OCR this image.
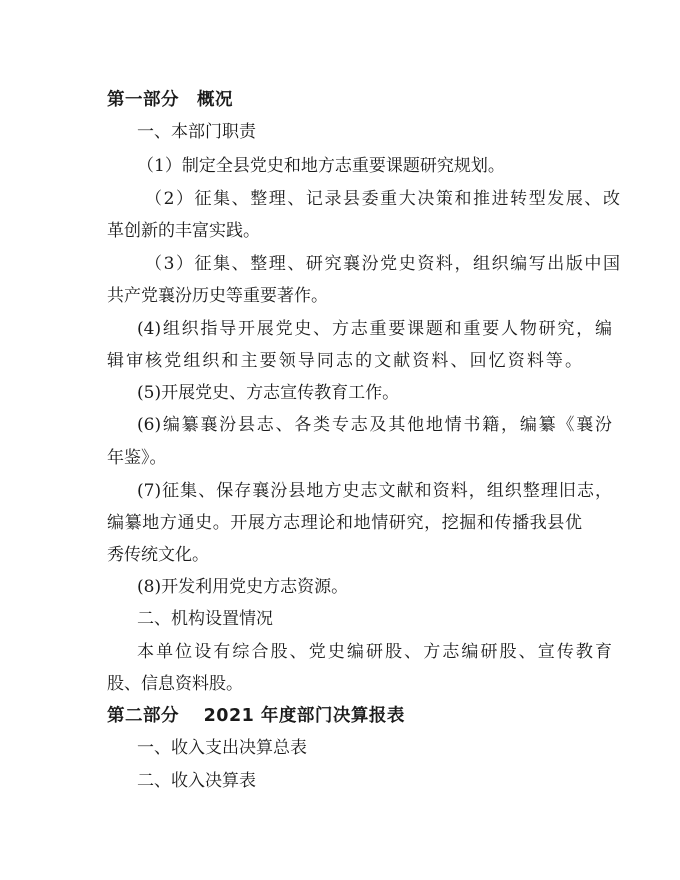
第一部分　概况
一、本部门职责
（1）制定全县党史和地方志重要课题研究规划。
（2）征集、整理、记录县委重大决策和推进转型发展、改
革创新的丰富实践。
（3）征集、整理、研究襄汾党史资料，组织编写出版中国
共产党襄汾历史等重要著作。
(4)组织指导开展党史、方志重要课题和重要人物研究，编
辑审核党组织和主要领导同志的文献资料、回忆资料等。
(5)开展党史、方志宣传教育工作。
(6)编纂襄汾县志、各类专志及其他地情书籍，编纂《襄汾
年鉴》。
(7)征集、保存襄汾县地方史志文献和资料，组织整理旧志，
编纂地方通史。开展方志理论和地情研究，挖掘和传播我县优
秀传统文化。
(8)开发利用党史方志资源。
二、机构设置情况
本单位设有综合股、党史编研股、方志编研股、宣传教育
股、信息资料股。
第二部分　 2021 年度部门决算报表
一、收入支出决算总表
二、收入决算表
